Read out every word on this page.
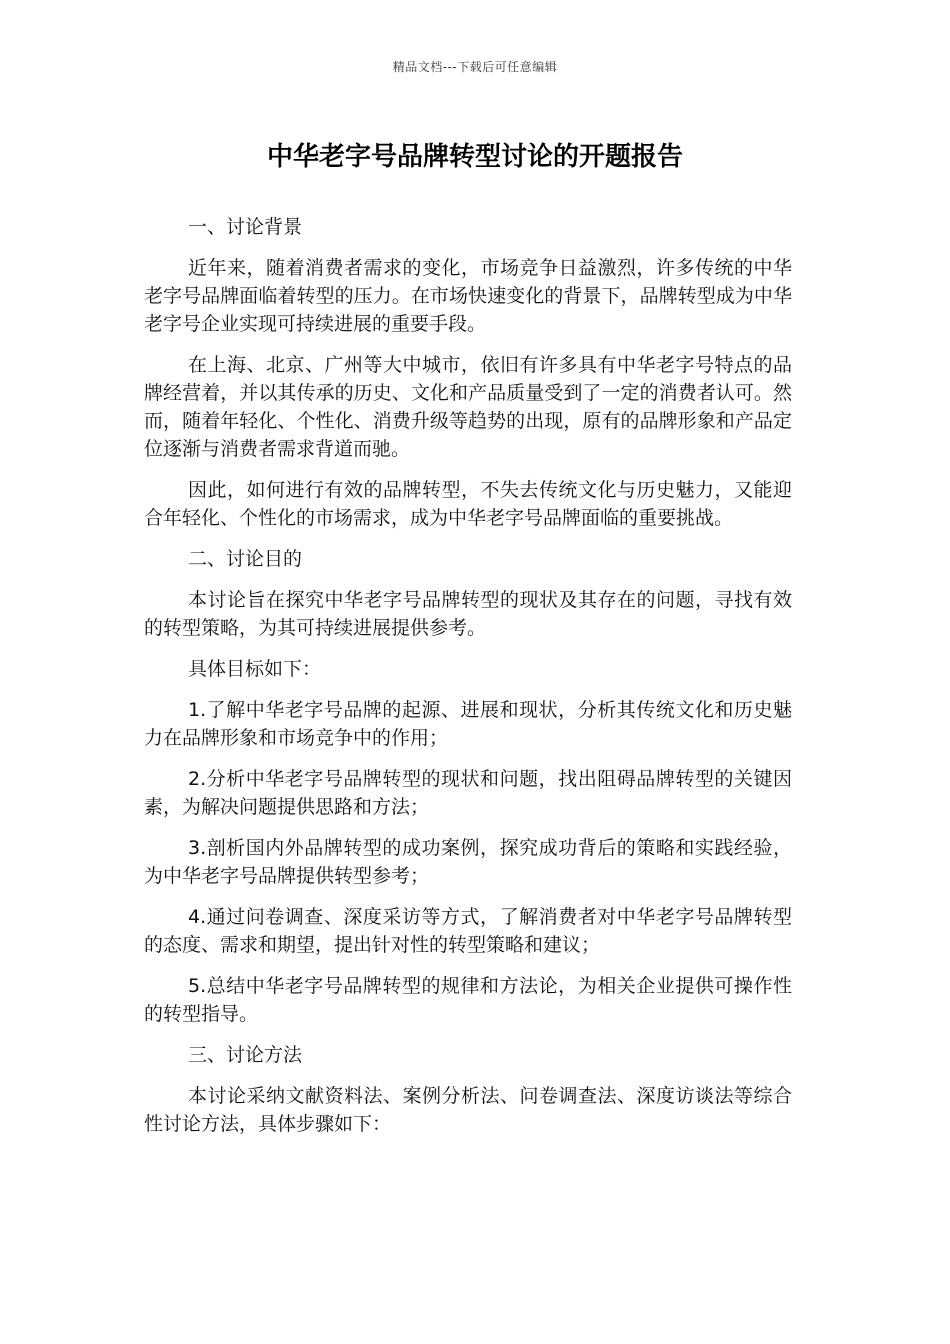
精品文档---下载后可任意编辑
中华老字号品牌转型讨论的开题报告

一、讨论背景

近年来，随着消费者需求的变化，市场竞争日益激烈，许多传统的中华老字号品牌面临着转型的压力。在市场快速变化的背景下，品牌转型成为中华老字号企业实现可持续进展的重要手段。

在上海、北京、广州等大中城市，依旧有许多具有中华老字号特点的品牌经营着，并以其传承的历史、文化和产品质量受到了一定的消费者认可。然而，随着年轻化、个性化、消费升级等趋势的出现，原有的品牌形象和产品定位逐渐与消费者需求背道而驰。

因此，如何进行有效的品牌转型，不失去传统文化与历史魅力，又能迎合年轻化、个性化的市场需求，成为中华老字号品牌面临的重要挑战。

二、讨论目的

本讨论旨在探究中华老字号品牌转型的现状及其存在的问题，寻找有效的转型策略，为其可持续进展提供参考。

具体目标如下：

1.了解中华老字号品牌的起源、进展和现状，分析其传统文化和历史魅力在品牌形象和市场竞争中的作用；

2.分析中华老字号品牌转型的现状和问题，找出阻碍品牌转型的关键因素，为解决问题提供思路和方法；

3.剖析国内外品牌转型的成功案例，探究成功背后的策略和实践经验，为中华老字号品牌提供转型参考；

4.通过问卷调查、深度采访等方式，了解消费者对中华老字号品牌转型的态度、需求和期望，提出针对性的转型策略和建议；

5.总结中华老字号品牌转型的规律和方法论，为相关企业提供可操作性的转型指导。

三、讨论方法

本讨论采纳文献资料法、案例分析法、问卷调查法、深度访谈法等综合性讨论方法，具体步骤如下：
